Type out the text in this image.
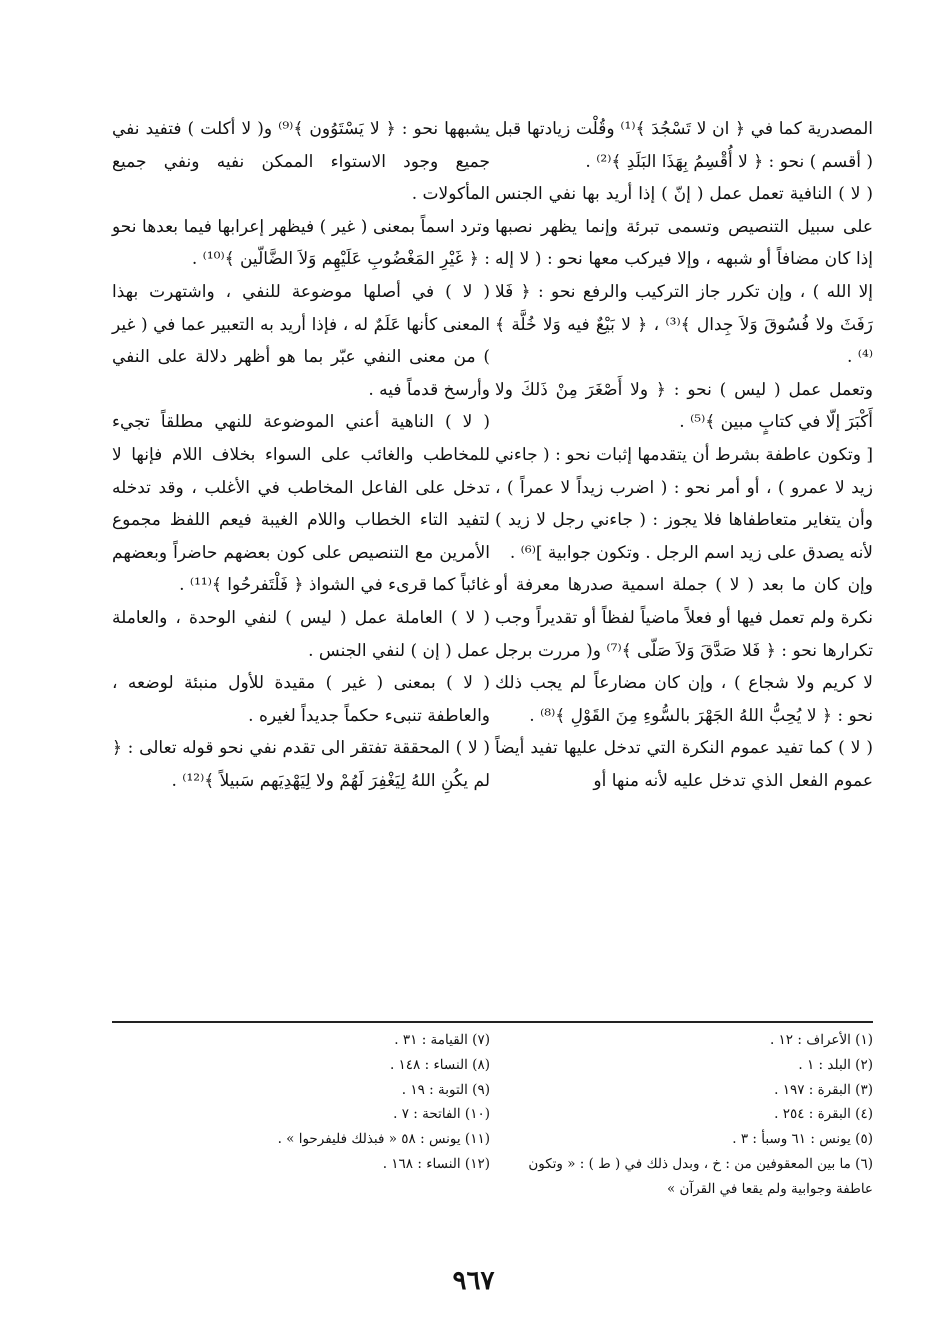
المصدرية كما في ﴿ ان لا تَسْجُدَ ﴾⁽¹⁾ وقُلْت زيادتها قبل ( أقسم ) نحو : ﴿ لا أُقْسِمُ بِهَذَا البَلَدِ ﴾⁽²⁾ .

( لا ) النافية تعمل عمل ( إنّ ) إذا أريد بها نفي الجنس على سبيل التنصيص وتسمى تبرئة وإنما يظهر نصبها إذا كان مضافاً أو شبهه ، وإلا فيركب معها نحو : ( لا إله إلا الله ) ، وإن تكرر جاز التركيب والرفع نحو : ﴿ فَلا رَفَثَ ولا فُسُوقَ وَلاَ جِدال ﴾⁽³⁾ ، ﴿ لا بَيْعٌ فيه وَلا خُلَّة ﴾⁽⁴⁾ .

وتعمل عمل ( ليس ) نحو : ﴿ ولا أَصْغَرَ مِنْ ذَلكَ ولا أَكْبَرَ إلّا في كتابٍ مبين ﴾⁽⁵⁾ .

[ وتكون عاطفة بشرط أن يتقدمها إثبات نحو : ( جاءني زيد لا عمرو ) ، أو أمر نحو : ( اضرب زيداً لا عمراً ) ، وأن يتغاير متعاطفاها فلا يجوز : ( جاءني رجل لا زيد ) لأنه يصدق على زيد اسم الرجل . وتكون جوابية ]⁽⁶⁾ .

وإن كان ما بعد ( لا ) جملة اسمية صدرها معرفة أو نكرة ولم تعمل فيها أو فعلاً ماضياً لفظاً أو تقديراً وجب تكرارها نحو : ﴿ فَلا صَدَّقَ وَلاَ صَلّى ﴾⁽⁷⁾ و( مررت برجل لا كريم ولا شجاع ) ، وإن كان مضارعاً لم يجب ذلك نحو : ﴿ لا يُحِبُّ اللهُ الجَهْرَ بالسُّوءِ مِنَ القَوْلِ ﴾⁽⁸⁾ .

( لا ) كما تفيد عموم النكرة التي تدخل عليها تفيد أيضاً عموم الفعل الذي تدخل عليه لأنه منها أو

يشبهها نحو : ﴿ لا يَسْتَوُون ﴾⁽⁹⁾ و( لا أكلت ) فتفيد نفي جميع وجود الاستواء الممكن نفيه ونفي جميع المأكولات .

وترد اسماً بمعنى ( غير ) فيظهر إعرابها فيما بعدها نحو : ﴿ غَيْرِ المَغْضُوبِ عَلَيْهِم وَلاَ الضَّالّين ﴾⁽¹⁰⁾ .

( لا ) في أصلها موضوعة للنفي ، واشتهرت بهذا المعنى كأنها عَلَمٌ له ، فإذا أريد به التعبير عما في ( غير ) من معنى النفي عبّر بما هو أظهر دلالة على النفي وأرسخ قدماً فيه .

( لا ) الناهية أعني الموضوعة للنهي مطلقاً تجيء للمخاطب والغائب على السواء بخلاف اللام فإنها لا تدخل على الفاعل المخاطب في الأغلب ، وقد تدخله لتفيد التاء الخطاب واللام الغيبة فيعم اللفظ مجموع الأمرين مع التنصيص على كون بعضهم حاضراً وبعضهم غائباً كما قرىء في الشواذ ﴿ فَلْتَفرحُوا ﴾⁽¹¹⁾ .

( لا ) العاملة عمل ( ليس ) لنفي الوحدة ، والعاملة عمل ( إن ) لنفي الجنس .

( لا ) بمعنى ( غير ) مقيدة للأول منبئة لوضعه ، والعاطفة تنبىء حكماً جديداً لغيره .

( لا ) المحققة تفتقر الى تقدم نفي نحو قوله تعالى : ﴿ لم يكُنِ اللهُ لِيَغْفِرَ لَهُمْ ولا لِيَهْدِيَهم سَبيلاً ﴾⁽¹²⁾ .

(١) الأعراف : ١٢ .
(٢) البلد : ١ .
(٣) البقرة : ١٩٧ .
(٤) البقرة : ٢٥٤ .
(٥) يونس : ٦١ وسبأ : ٣ .
(٦) ما بين المعقوفين من : خ ، وبدل ذلك في ( ط ) : « وتكون عاطفة وجوابية ولم يقعا في القرآن »
(٧) القيامة : ٣١ .
(٨) النساء : ١٤٨ .
(٩) التوبة : ١٩ .
(١٠) الفاتحة : ٧ .
(١١) يونس : ٥٨ « فبذلك فليفرحوا » .
(١٢) النساء : ١٦٨ .
٩٦٧
